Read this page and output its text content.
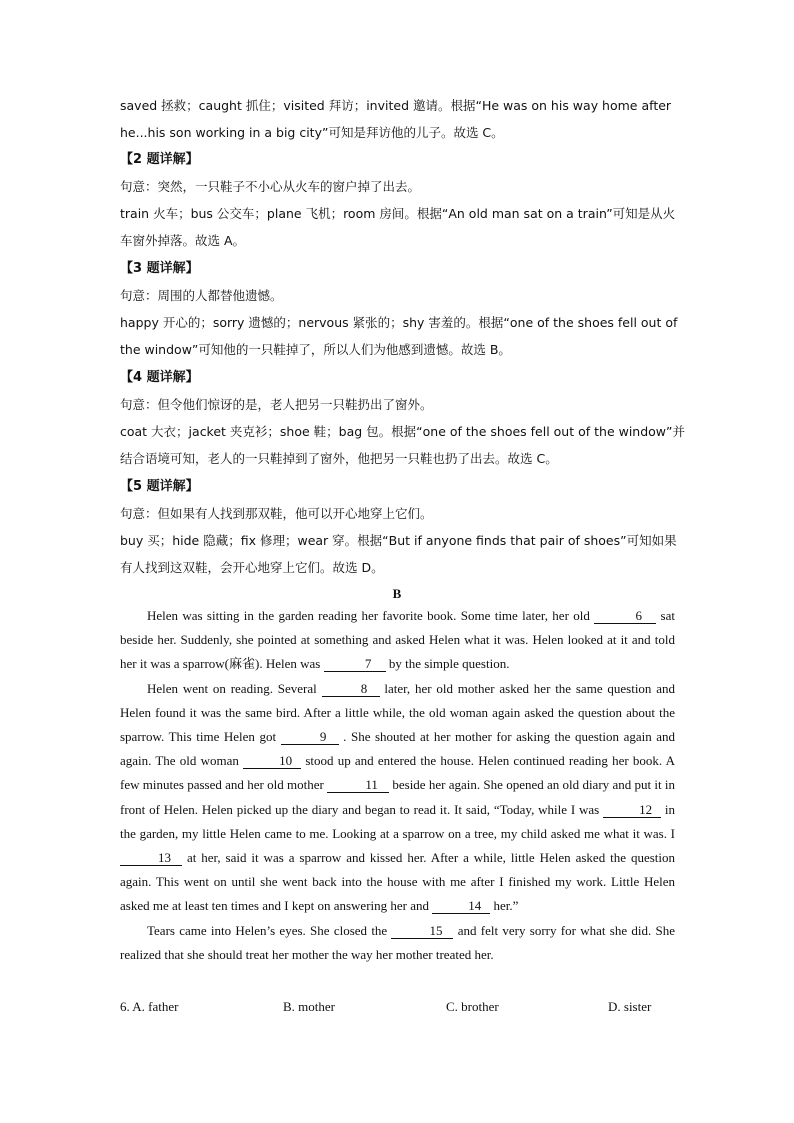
saved 拯救；caught 抓住；visited 拜访；invited 邀请。根据“He was on his way home after
he...his son working in a big city”可知是拜访他的儿子。故选 C。
【2 题详解】
句意：突然，一只鞋子不小心从火车的窗户掉了出去。
train 火车；bus 公交车；plane 飞机；room 房间。根据“An old man sat on a train”可知是从火
车窗外掉落。故选 A。
【3 题详解】
句意：周围的人都替他遗憾。
happy 开心的；sorry 遗憾的；nervous 紧张的；shy 害羞的。根据“one of the shoes fell out of
the window”可知他的一只鞋掉了，所以人们为他感到遗憾。故选 B。
【4 题详解】
句意：但令他们惊讶的是，老人把另一只鞋扔出了窗外。
coat 大衣；jacket 夹克衫；shoe 鞋；bag 包。根据“one of the shoes fell out of the window”并
结合语境可知，老人的一只鞋掉到了窗外，他把另一只鞋也扔了出去。故选 C。
【5 题详解】
句意：但如果有人找到那双鞋，他可以开心地穿上它们。
buy 买；hide 隐藏；fix 修理；wear 穿。根据“But if anyone finds that pair of shoes”可知如果
有人找到这双鞋，会开心地穿上它们。故选 D。
B

Helen was sitting in the garden reading her favorite book. Some time later, her old	6 sat beside her. Suddenly, she pointed at something and asked Helen what it was. Helen looked at it and told her it was a sparrow(麻雀). Helen was	7 by the simple question.

Helen went on reading. Several	8 later, her old mother asked her the same question and Helen found it was the same bird. After a little while, the old woman again asked the question about the sparrow. This time Helen got	9 . She shouted at her mother for asking the question again and again. The old woman	10 stood up and entered the house. Helen continued reading her book. A few minutes passed and her old mother	11 beside her again. She opened an old diary and put it in front of Helen. Helen picked up the diary and began to read it. It said, “Today, while I was	12 in the garden, my little Helen came to me. Looking at a sparrow on a tree, my child asked me what it was. I 13 at her, said it was a sparrow and kissed her. After a while, little Helen asked the question again. This went on until she went back into the house with me after I finished my work. Little Helen asked me at least ten times and I kept on answering her and	14 her.”

Tears came into Helen’s eyes. She closed the	15 and felt very sorry for what she did. She realized that she should treat her mother the way her mother treated her.

6. A. father	B. mother	C. brother	D. sister
